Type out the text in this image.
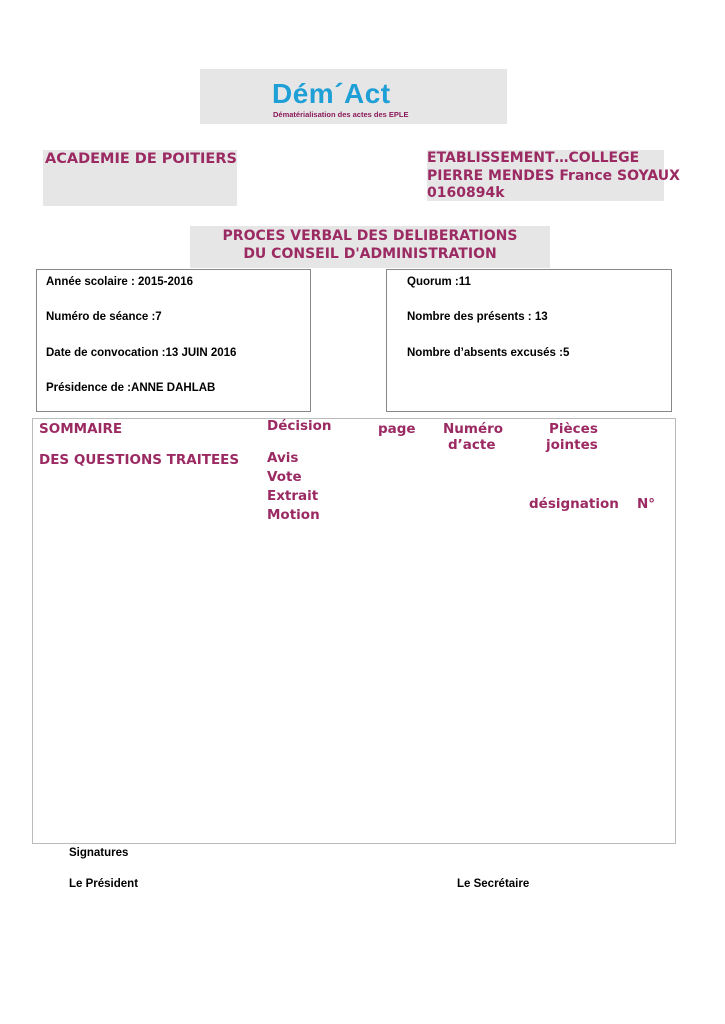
Dém´Act
Dématérialisation des actes des EPLE
ACADEMIE DE POITIERS	ETABLISSEMENT…COLLEGE
PIERRE MENDES France SOYAUX
0160894k
PROCES VERBAL DES DELIBERATIONS
DU CONSEIL D'ADMINISTRATION
Année scolaire : 2015-2016
Numéro de séance :7
Date de convocation :13 JUIN 2016
Présidence de :ANNE DAHLAB
Quorum :11
Nombre des présents : 13
Nombre d’absents excusés :5
SOMMAIRE
DES QUESTIONS TRAITEES
Décision
Avis
Vote
Extrait
Motion
page Numéro
d’acte
Pièces
jointes
désignation N°
Signatures
Le Président	Le Secrétaire
